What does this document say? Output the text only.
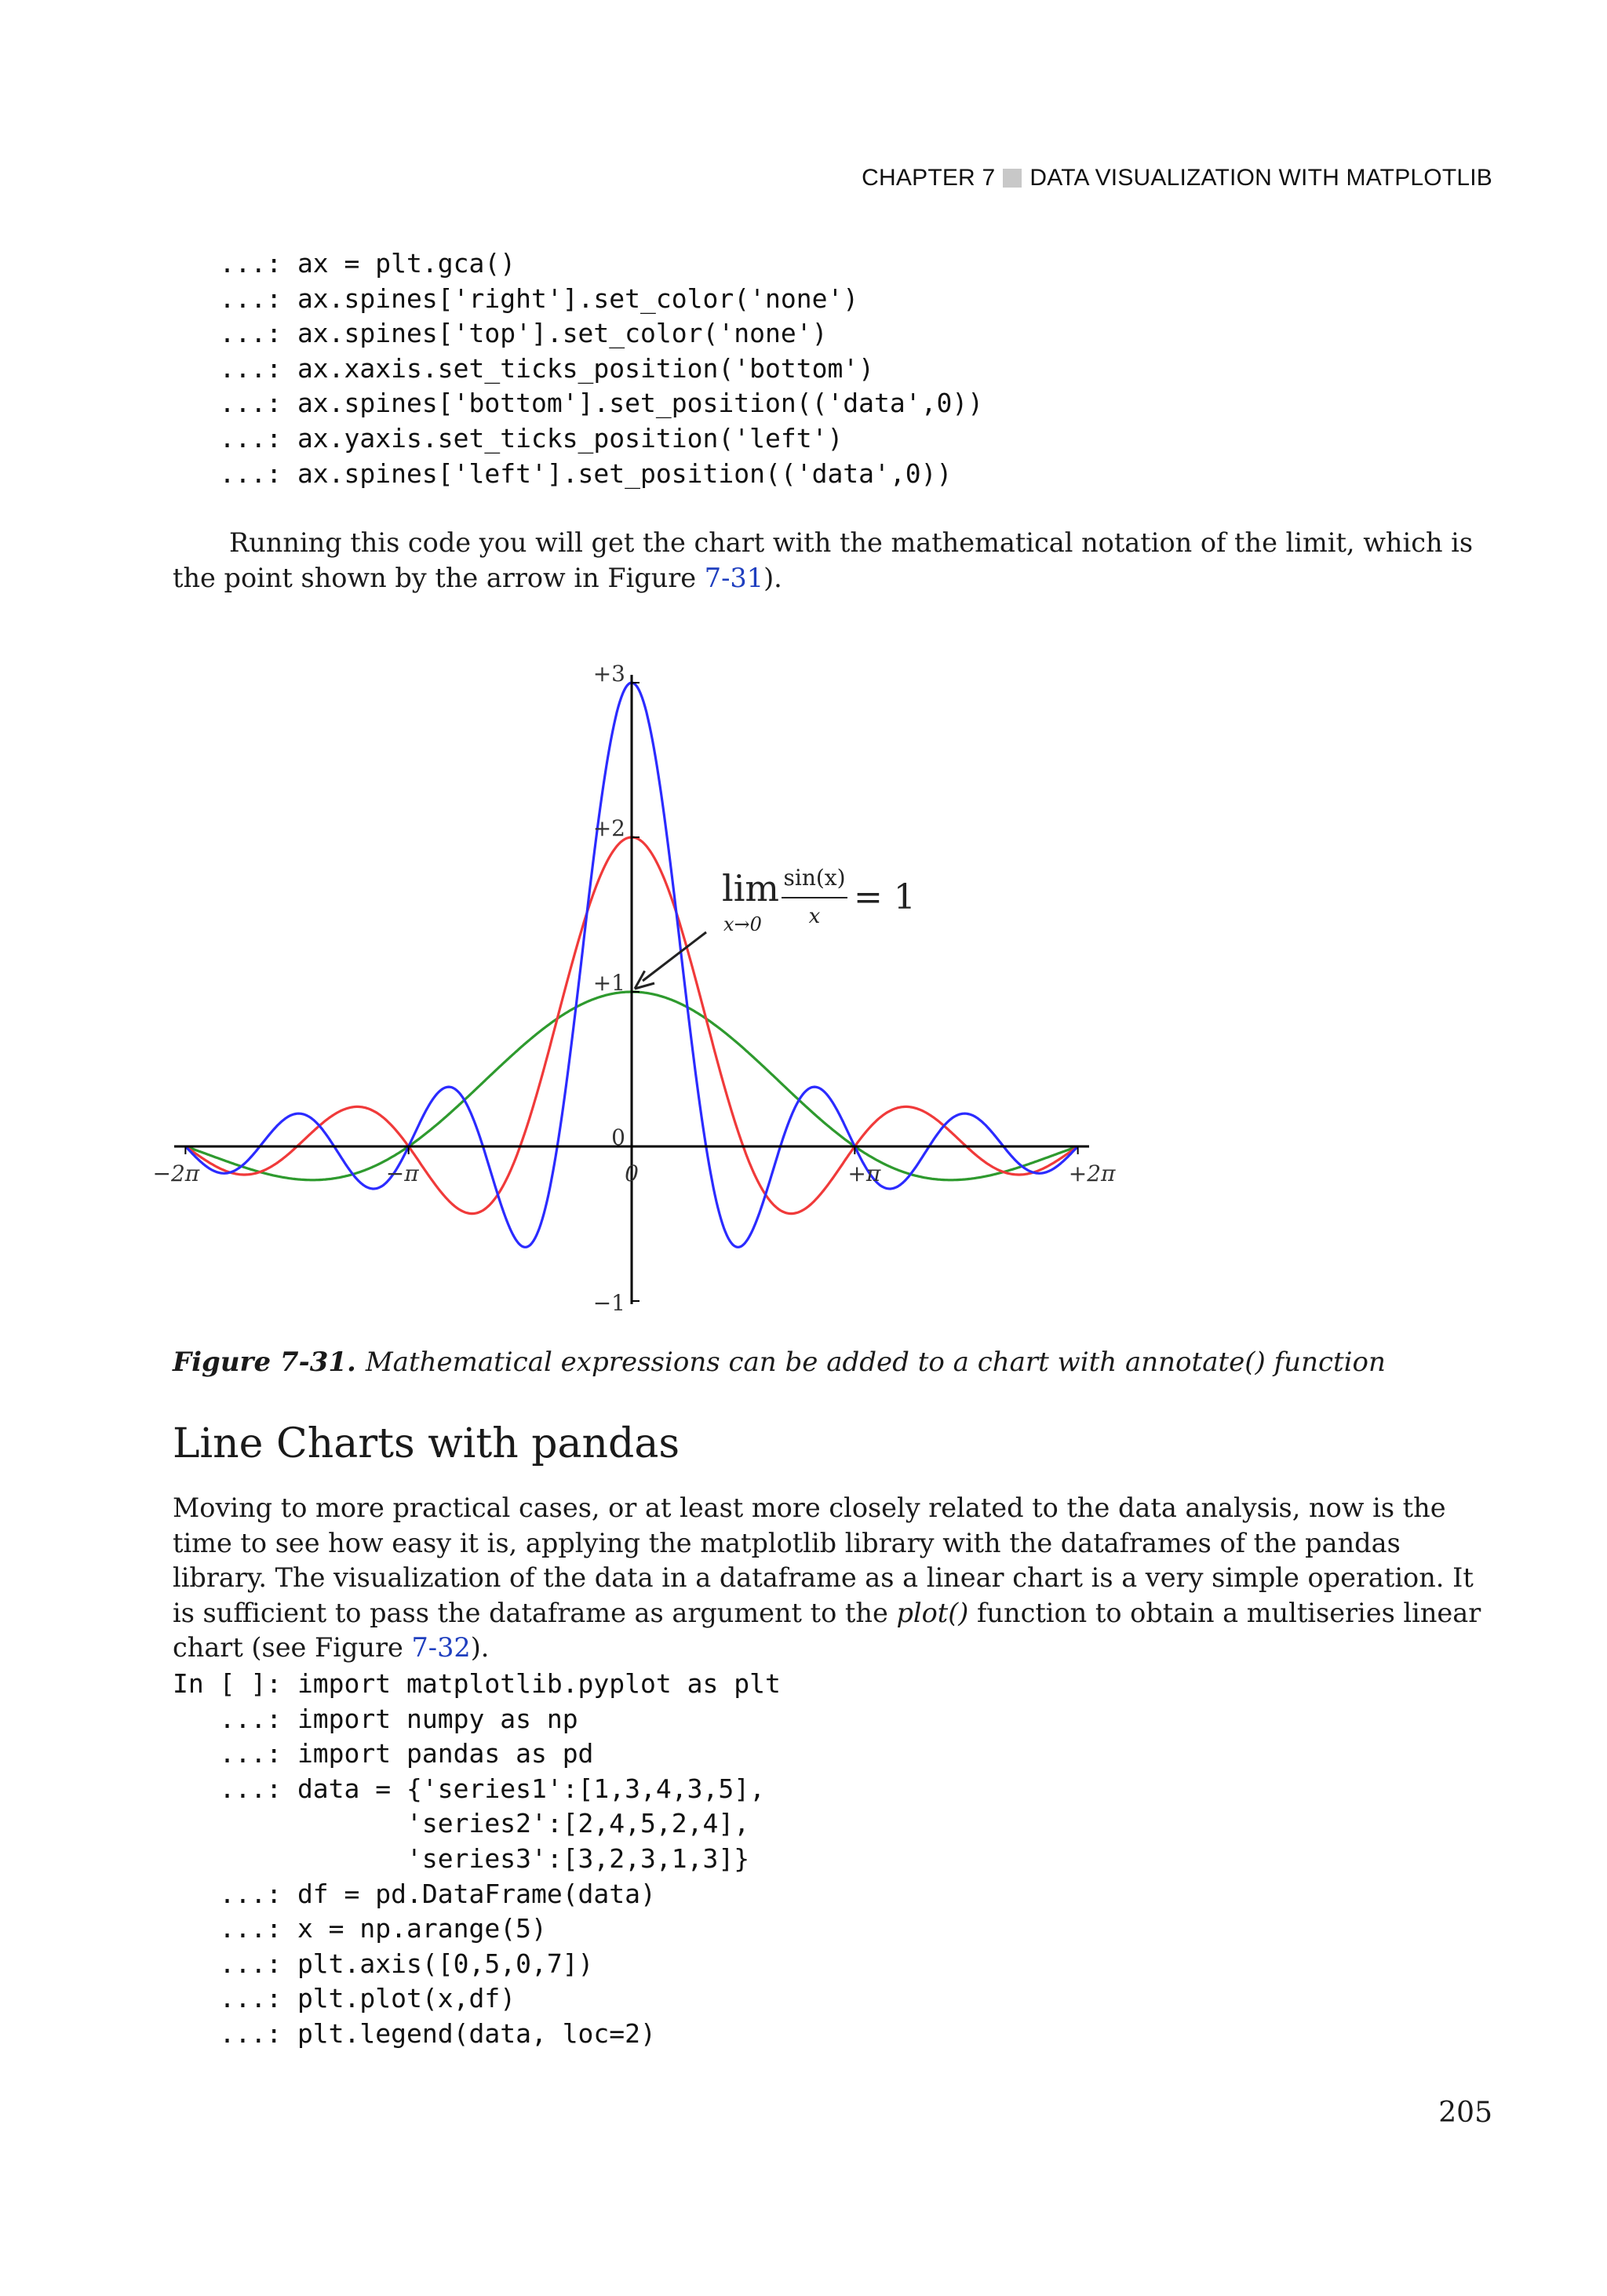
CHAPTER 7 DATA VISUALIZATION WITH MATPLOTLIB
...: ax = plt.gca()
...: ax.spines['right'].set_color('none')
...: ax.spines['top'].set_color('none')
...: ax.xaxis.set_ticks_position('bottom')
...: ax.spines['bottom'].set_position(('data',0))
...: ax.yaxis.set_ticks_position('left')
...: ax.spines['left'].set_position(('data',0))

Running this code you will get the chart with the mathematical notation of the limit, which is the point shown by the arrow in Figure 7-31).

−2π	−π	0	+π	+2π
−1
0
+1
+2
+3
lim
x→0
sin(x)
x = 1
Figure 7-31. Mathematical expressions can be added to a chart with annotate() function
Line Charts with pandas

Moving to more practical cases, or at least more closely related to the data analysis, now is the time to see how easy it is, applying the matplotlib library with the dataframes of the pandas library. The visualization of the data in a dataframe as a linear chart is a very simple operation. It is sufficient to pass the dataframe as argument to the plot() function to obtain a multiseries linear chart (see Figure 7-32).

In [ ]: import matplotlib.pyplot as plt
...: import numpy as np
...: import pandas as pd
...: data = {'series1':[1,3,4,3,5],
'series2':[2,4,5,2,4],
'series3':[3,2,3,1,3]}
...: df = pd.DataFrame(data)
...: x = np.arange(5)
...: plt.axis([0,5,0,7])
...: plt.plot(x,df)
...: plt.legend(data, loc=2)
205
